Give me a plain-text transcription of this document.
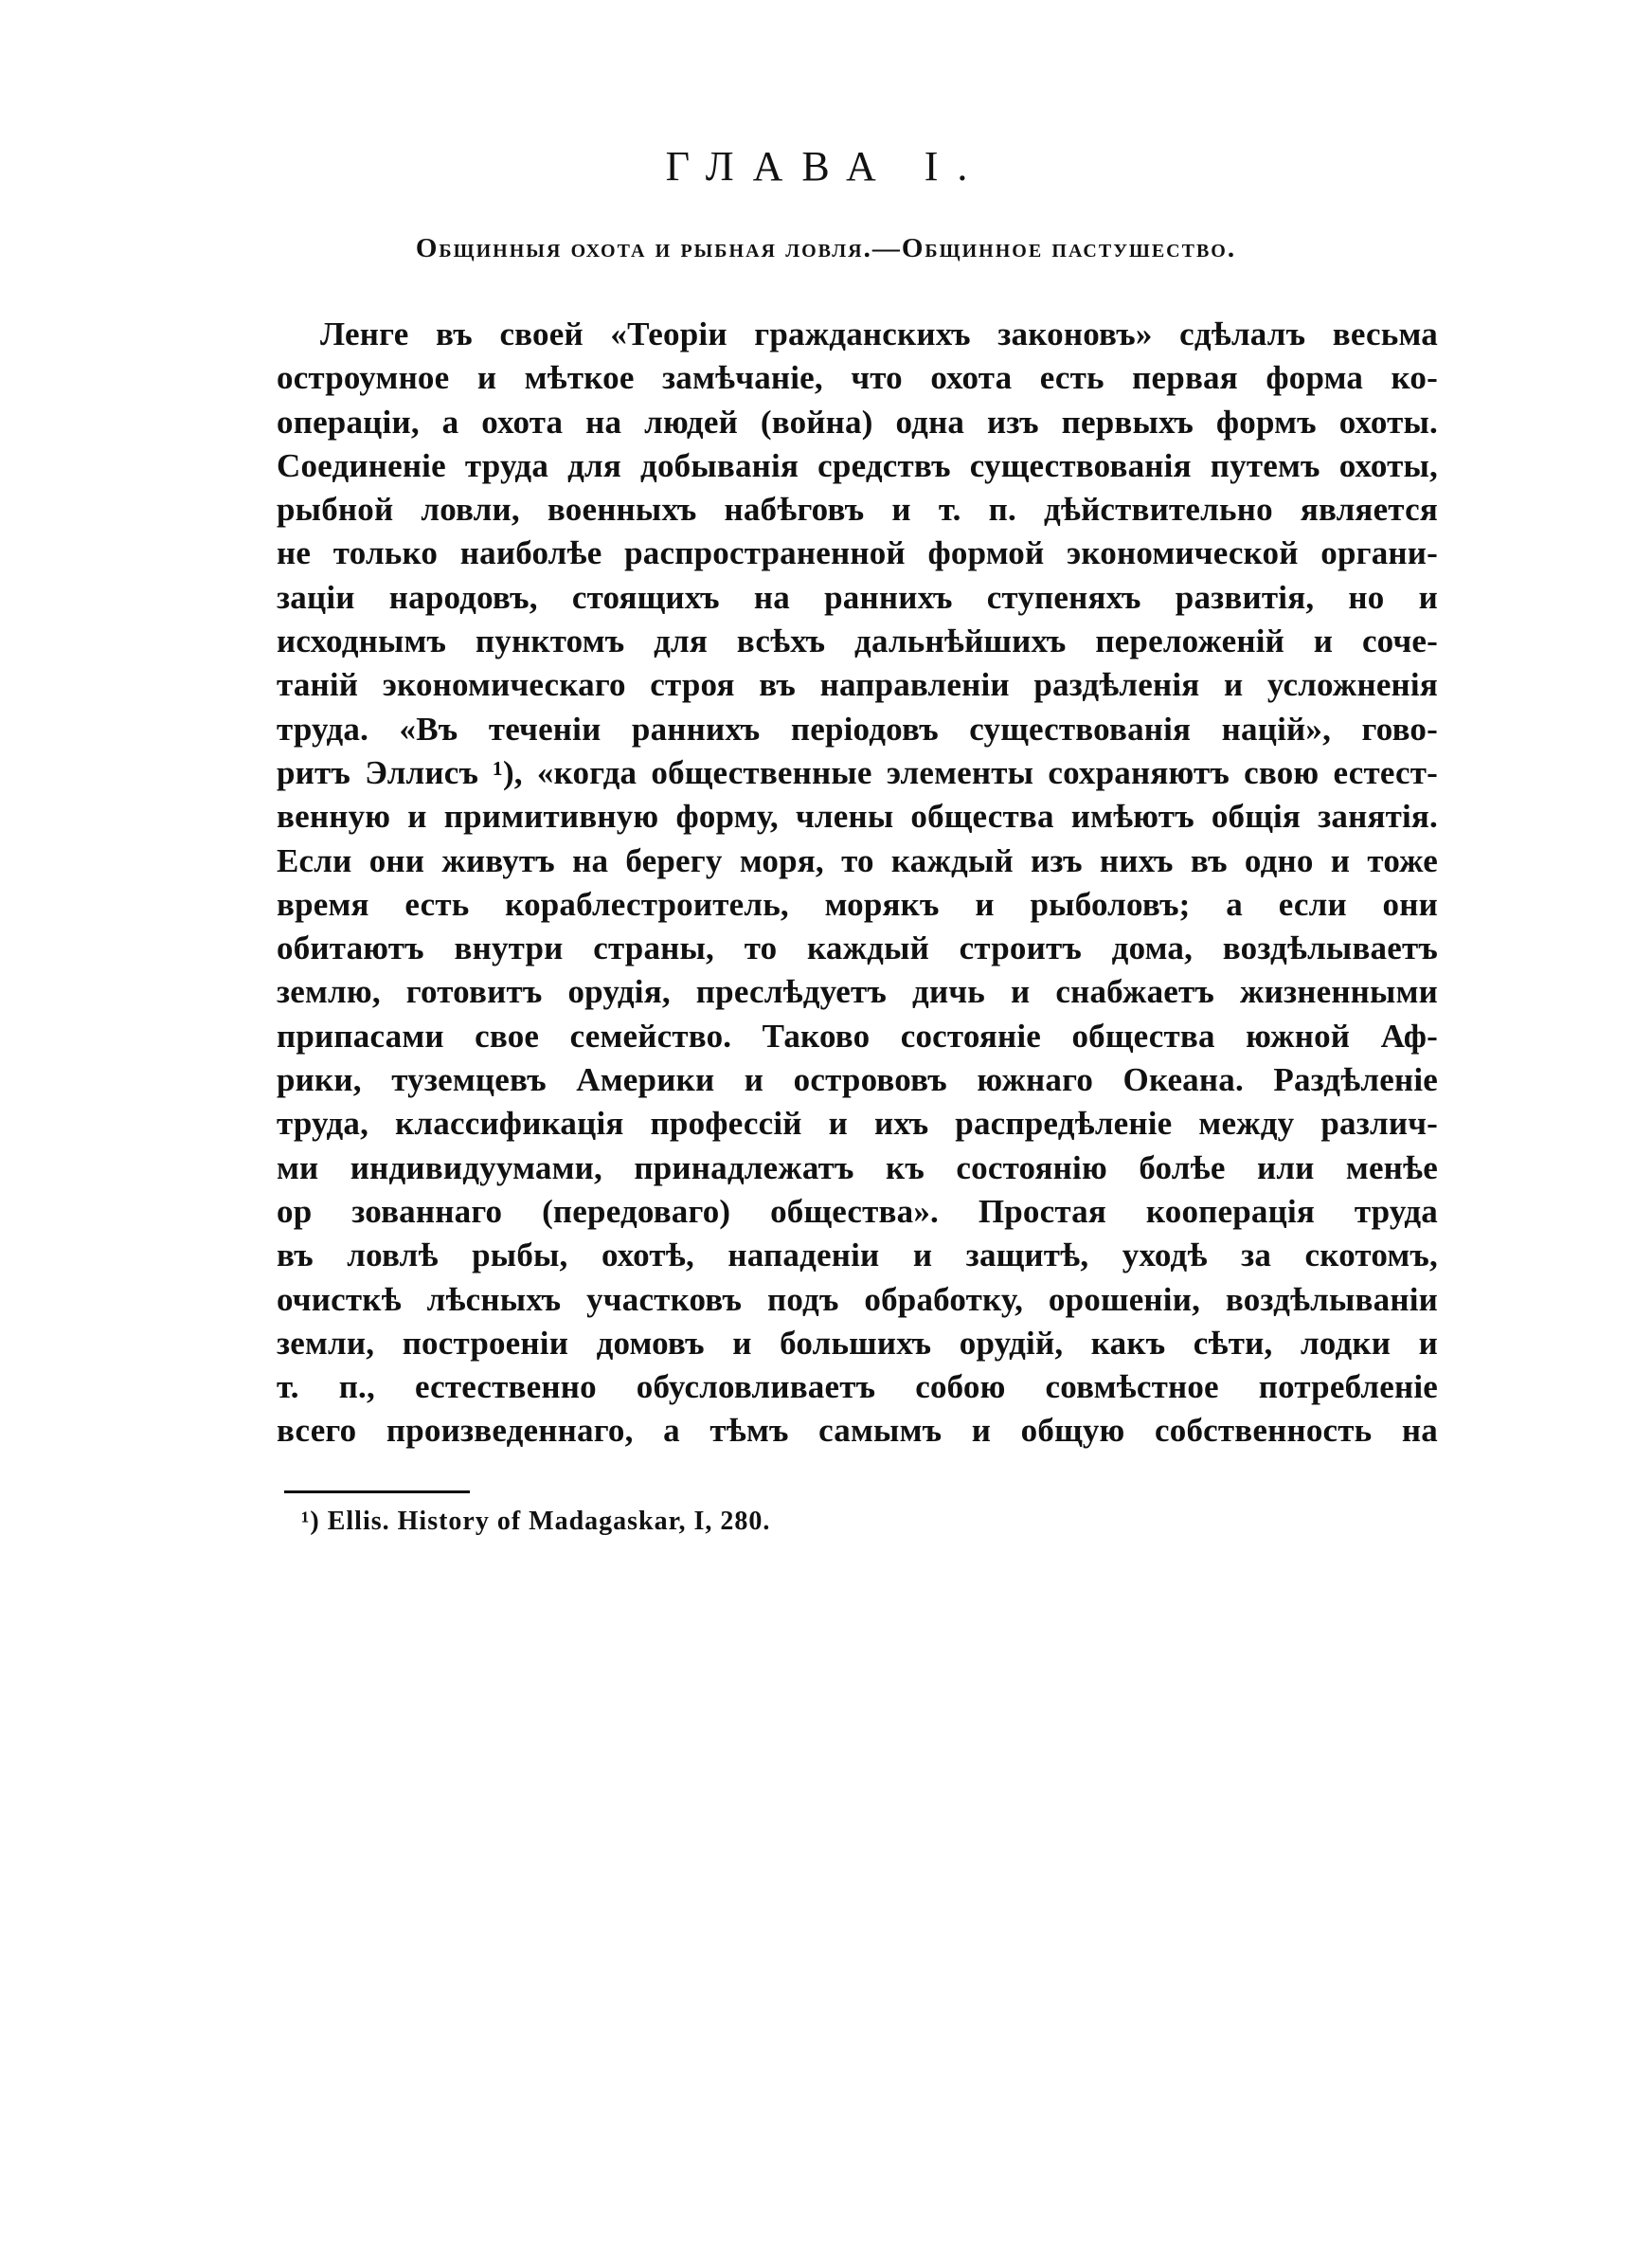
ГЛАВА I.
Общинныя охота и рыбная ловля.—Общинное пастушество.
Ленге въ своей «Теоріи гражданскихъ законовъ» сдѣлалъ весьма
остроумное и мѣткое замѣчаніе, что охота есть первая форма ко-
операціи, а охота на людей (война) одна изъ первыхъ формъ охоты.
Соединеніе труда для добыванія средствъ существованія путемъ охоты,
рыбной ловли, военныхъ набѣговъ и т. п. дѣйствительно является
не только наиболѣе распространенной формой экономической органи-
заціи народовъ, стоящихъ на раннихъ ступеняхъ развитія, но и
исходнымъ пунктомъ для всѣхъ дальнѣйшихъ переложеній и соче-
таній экономическаго строя въ направленіи раздѣленія и усложненія
труда. «Въ теченіи раннихъ періодовъ существованія націй», гово-
ритъ Эллисъ ¹), «когда общественные элементы сохраняютъ свою естест-
венную и примитивную форму, члены общества имѣютъ общія занятія.
Если они живутъ на берегу моря, то каждый изъ нихъ въ одно и тоже
время есть кораблестроитель, морякъ и рыболовъ; а если они
обитаютъ внутри страны, то каждый строитъ дома, воздѣлываетъ
землю, готовитъ орудія, преслѣдуетъ дичь и снабжаетъ жизненными
припасами свое семейство. Таково состояніе общества южной Аф-
рики, туземцевъ Америки и острововъ южнаго Океана. Раздѣленіе
труда, классификація профессій и ихъ распредѣленіе между различ-
ми индивидуумами, принадлежатъ къ состоянію болѣе или менѣе
ор зованнаго (передоваго) общества». Простая кооперація труда
въ ловлѣ рыбы, охотѣ, нападеніи и защитѣ, уходѣ за скотомъ,
очисткѣ лѣсныхъ участковъ подъ обработку, орошеніи, воздѣлываніи
земли, построеніи домовъ и большихъ орудій, какъ сѣти, лодки и
т. п., естественно обусловливаетъ собою совмѣстное потребленіе
всего произведеннаго, а тѣмъ самымъ и общую собственность на
¹) Ellis. History of Madagaskar, I, 280.
